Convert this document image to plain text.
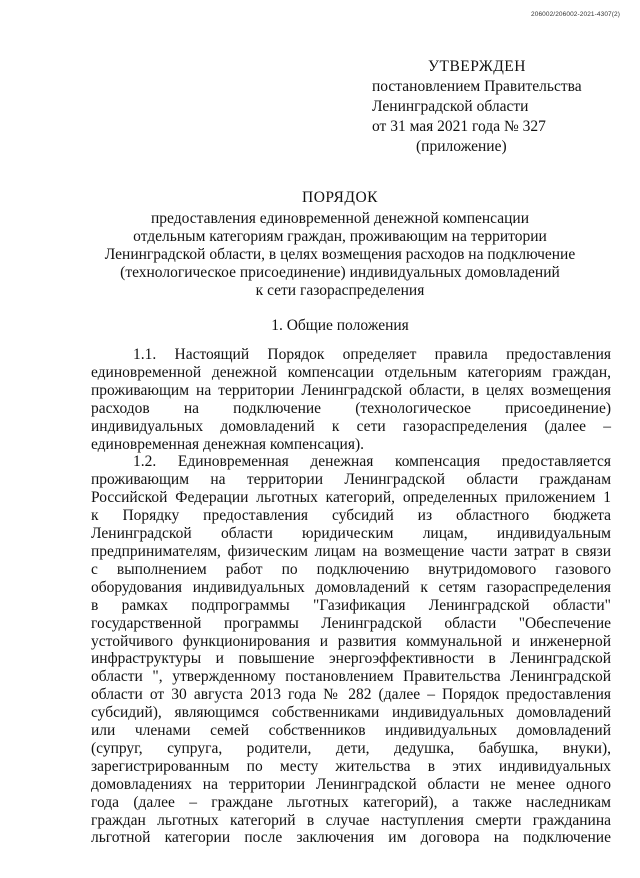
206002/206002-2021-4307(2)
УТВЕРЖДЕН
постановлением Правительства
Ленинградской области
от 31 мая 2021 года № 327
(приложение)
ПОРЯДОК
предоставления единовременной денежной компенсации
отдельным категориям граждан, проживающим на территории
Ленинградской области, в целях возмещения расходов на подключение
(технологическое присоединение) индивидуальных домовладений
к сети газораспределения
1. Общие положения
1.1. Настоящий Порядок определяет правила предоставления
единовременной денежной компенсации отдельным категориям граждан,
проживающим на территории Ленинградской области, в целях возмещения
расходов на подключение (технологическое присоединение)
индивидуальных домовладений к сети газораспределения (далее –
единовременная денежная компенсация).
1.2. Единовременная денежная компенсация предоставляется
проживающим на территории Ленинградской области гражданам
Российской Федерации льготных категорий, определенных приложением 1
к Порядку предоставления субсидий из областного бюджета
Ленинградской области юридическим лицам, индивидуальным
предпринимателям, физическим лицам на возмещение части затрат в связи
с выполнением работ по подключению внутридомового газового
оборудования индивидуальных домовладений к сетям газораспределения
в рамках подпрограммы "Газификация Ленинградской области"
государственной программы Ленинградской области "Обеспечение
устойчивого функционирования и развития коммунальной и инженерной
инфраструктуры и повышение энергоэффективности в Ленинградской
области ", утвержденному постановлением Правительства Ленинградской
области от 30 августа 2013 года № 282 (далее – Порядок предоставления
субсидий), являющимся собственниками индивидуальных домовладений
или членами семей собственников индивидуальных домовладений
(супруг, супруга, родители, дети, дедушка, бабушка, внуки),
зарегистрированным по месту жительства в этих индивидуальных
домовладениях на территории Ленинградской области не менее одного
года (далее – граждане льготных категорий), а также наследникам
граждан льготных категорий в случае наступления смерти гражданина
льготной категории после заключения им договора на подключение
